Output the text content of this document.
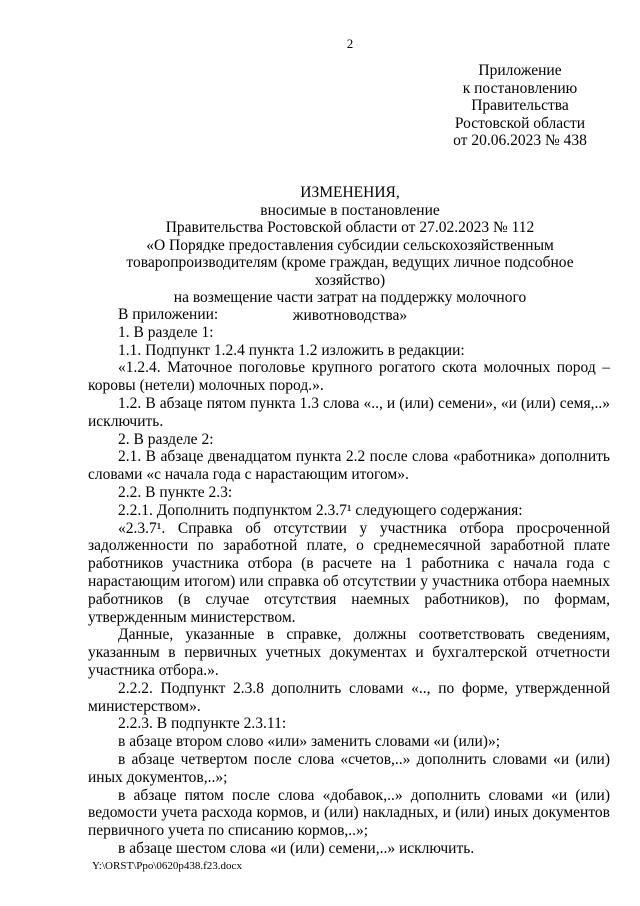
2
Приложение
к постановлению
Правительства
Ростовской области
от 20.06.2023 № 438
ИЗМЕНЕНИЯ,
вносимые в постановление
Правительства Ростовской области от 27.02.2023 № 112
«О Порядке предоставления субсидии сельскохозяйственным
товаропроизводителям (кроме граждан, ведущих личное подсобное хозяйство)
на возмещение части затрат на поддержку молочного животноводства»

В приложении:

1. В разделе 1:

1.1. Подпункт 1.2.4 пункта 1.2 изложить в редакции:

«1.2.4. Маточное поголовье крупного рогатого скота молочных пород – коровы (нетели) молочных пород.».

1.2. В абзаце пятом пункта 1.3 слова «.., и (или) семени», «и (или) семя,..» исключить.

2. В разделе 2:

2.1. В абзаце двенадцатом пункта 2.2 после слова «работника» дополнить словами «с начала года с нарастающим итогом».

2.2. В пункте 2.3:

2.2.1. Дополнить подпунктом 2.3.7¹ следующего содержания:

«2.3.7¹. Справка об отсутствии у участника отбора просроченной задолженности по заработной плате, о среднемесячной заработной плате работников участника отбора (в расчете на 1 работника с начала года с нарастающим итогом) или справка об отсутствии у участника отбора наемных работников (в случае отсутствия наемных работников), по формам, утвержденным министерством.

Данные, указанные в справке, должны соответствовать сведениям, указанным в первичных учетных документах и бухгалтерской отчетности участника отбора.».

2.2.2. Подпункт 2.3.8 дополнить словами «.., по форме, утвержденной министерством».

2.2.3. В подпункте 2.3.11:

в абзаце втором слово «или» заменить словами «и (или)»;

в абзаце четвертом после слова «счетов,..» дополнить словами «и (или) иных документов,..»;

в абзаце пятом после слова «добавок,..» дополнить словами «и (или) ведомости учета расхода кормов, и (или) накладных, и (или) иных документов первичного учета по списанию кормов,..»;

в абзаце шестом слова «и (или) семени,..» исключить.

Y:\ORST\Ppo\0620p438.f23.docx
